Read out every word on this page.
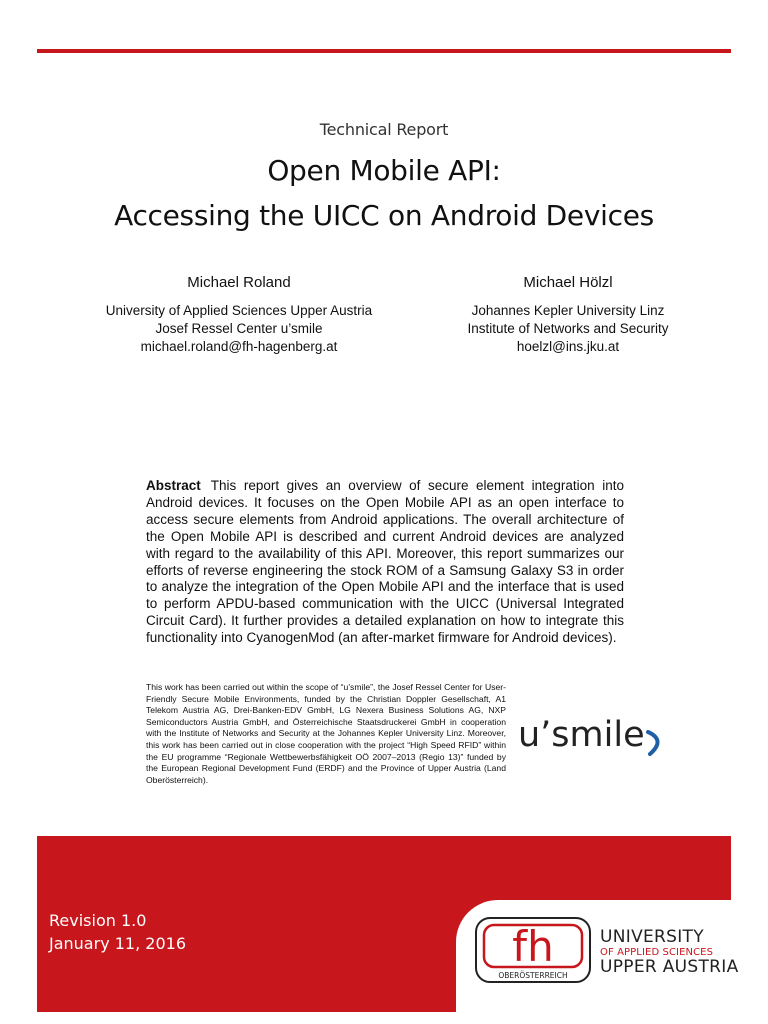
Technical Report
Open Mobile API:
Accessing the UICC on Android Devices
Michael Roland
University of Applied Sciences Upper Austria
Josef Ressel Center u’smile
michael.roland@fh-hagenberg.at
Michael Hölzl
Johannes Kepler University Linz
Institute of Networks and Security
hoelzl@ins.jku.at
Abstract This report gives an overview of secure element integration into Android devices. It focuses on the Open Mobile API as an open interface to access secure elements from Android applications. The overall architecture of the Open Mobile API is described and current Android devices are analyzed with regard to the availability of this API. Moreover, this report summarizes our efforts of reverse engineering the stock ROM of a Samsung Galaxy S3 in order to analyze the integration of the Open Mobile API and the interface that is used to perform APDU-based communication with the UICC (Universal Integrated Circuit Card). It further provides a detailed explanation on how to integrate this functionality into CyanogenMod (an after-market firmware for Android devices).
This work has been carried out within the scope of “u’smile”, the Josef Ressel Center for User-Friendly Secure Mobile Environments, funded by the Christian Doppler Gesellschaft, A1 Telekom Austria AG, Drei-Banken-EDV GmbH, LG Nexera Business Solutions AG, NXP Semiconductors Austria GmbH, and Österreichische Staatsdruckerei GmbH in cooperation with the Institute of Networks and Security at the Johannes Kepler University Linz. Moreover, this work has been carried out in close cooperation with the project “High Speed RFID” within the EU programme “Regionale Wettbewerbsfähigkeit OÖ 2007–2013 (Regio 13)” funded by the European Regional Development Fund (ERDF) and the Province of Upper Austria (Land Oberösterreich).
u’smile
Revision 1.0
January 11, 2016	fh
OBERÖSTERREICH
UNIVERSITY
OF APPLIED SCIENCES
UPPER AUSTRIA
